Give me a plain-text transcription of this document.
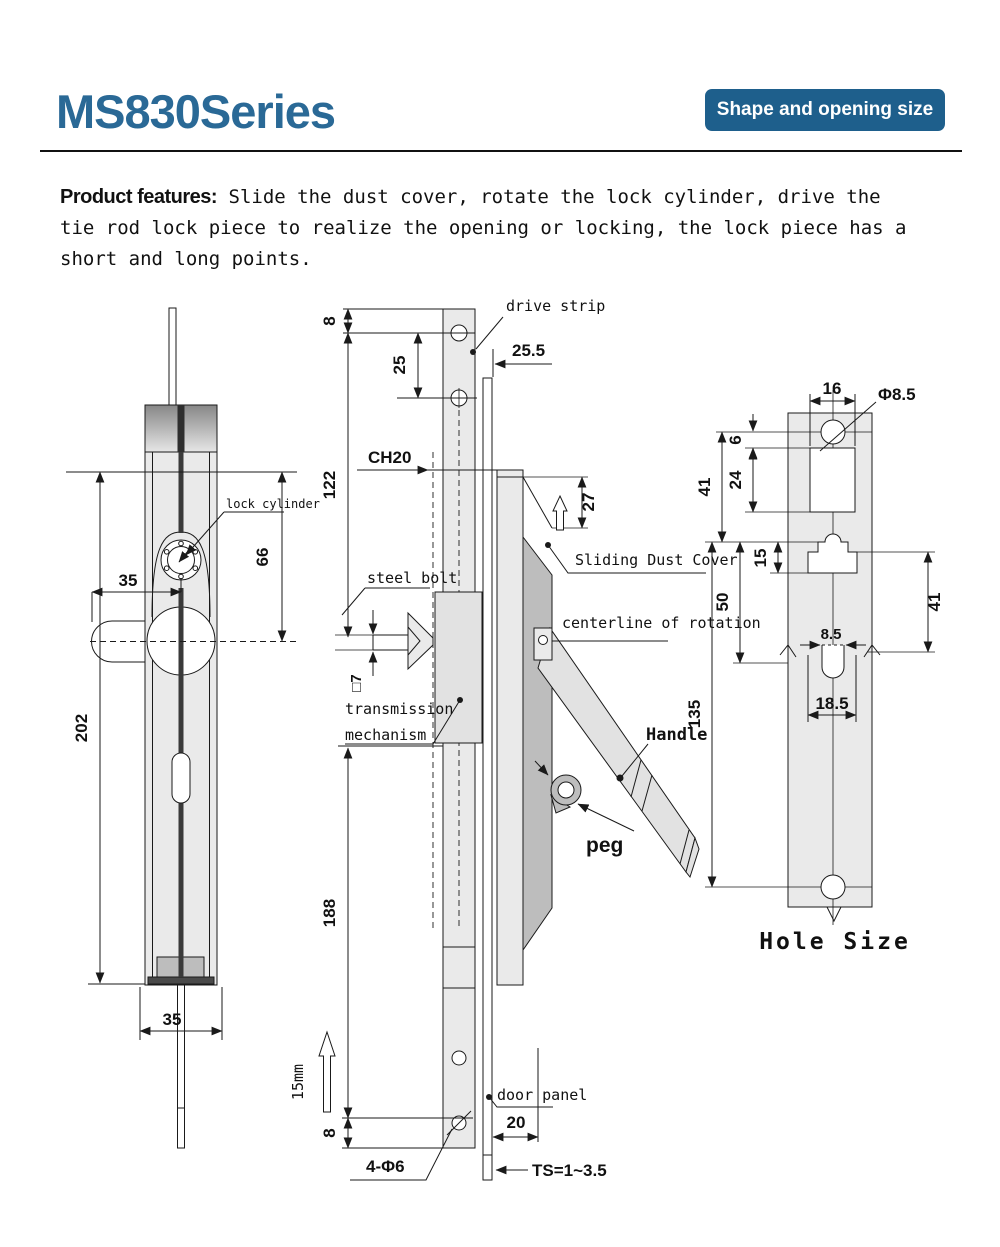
MS830Series	Shape and opening size

Product features: Slide the dust cover, rotate the lock cylinder, drive the tie rod lock piece to realize the opening or locking, the lock piece has a short and long points.

202
66
35
35
lock cylinder
□7
8
25
122
drive strip
25.5
CH20
27
Sliding Dust Cover
centerline of rotation
steel bolt
transmission
mechanism	Handle
peg
188
8
15mm
4-Φ6
door panel
20
TS=1~3.5
16 Φ8.5
6
24
41
15
50
135
41
8.5
18.5
Hole Size
